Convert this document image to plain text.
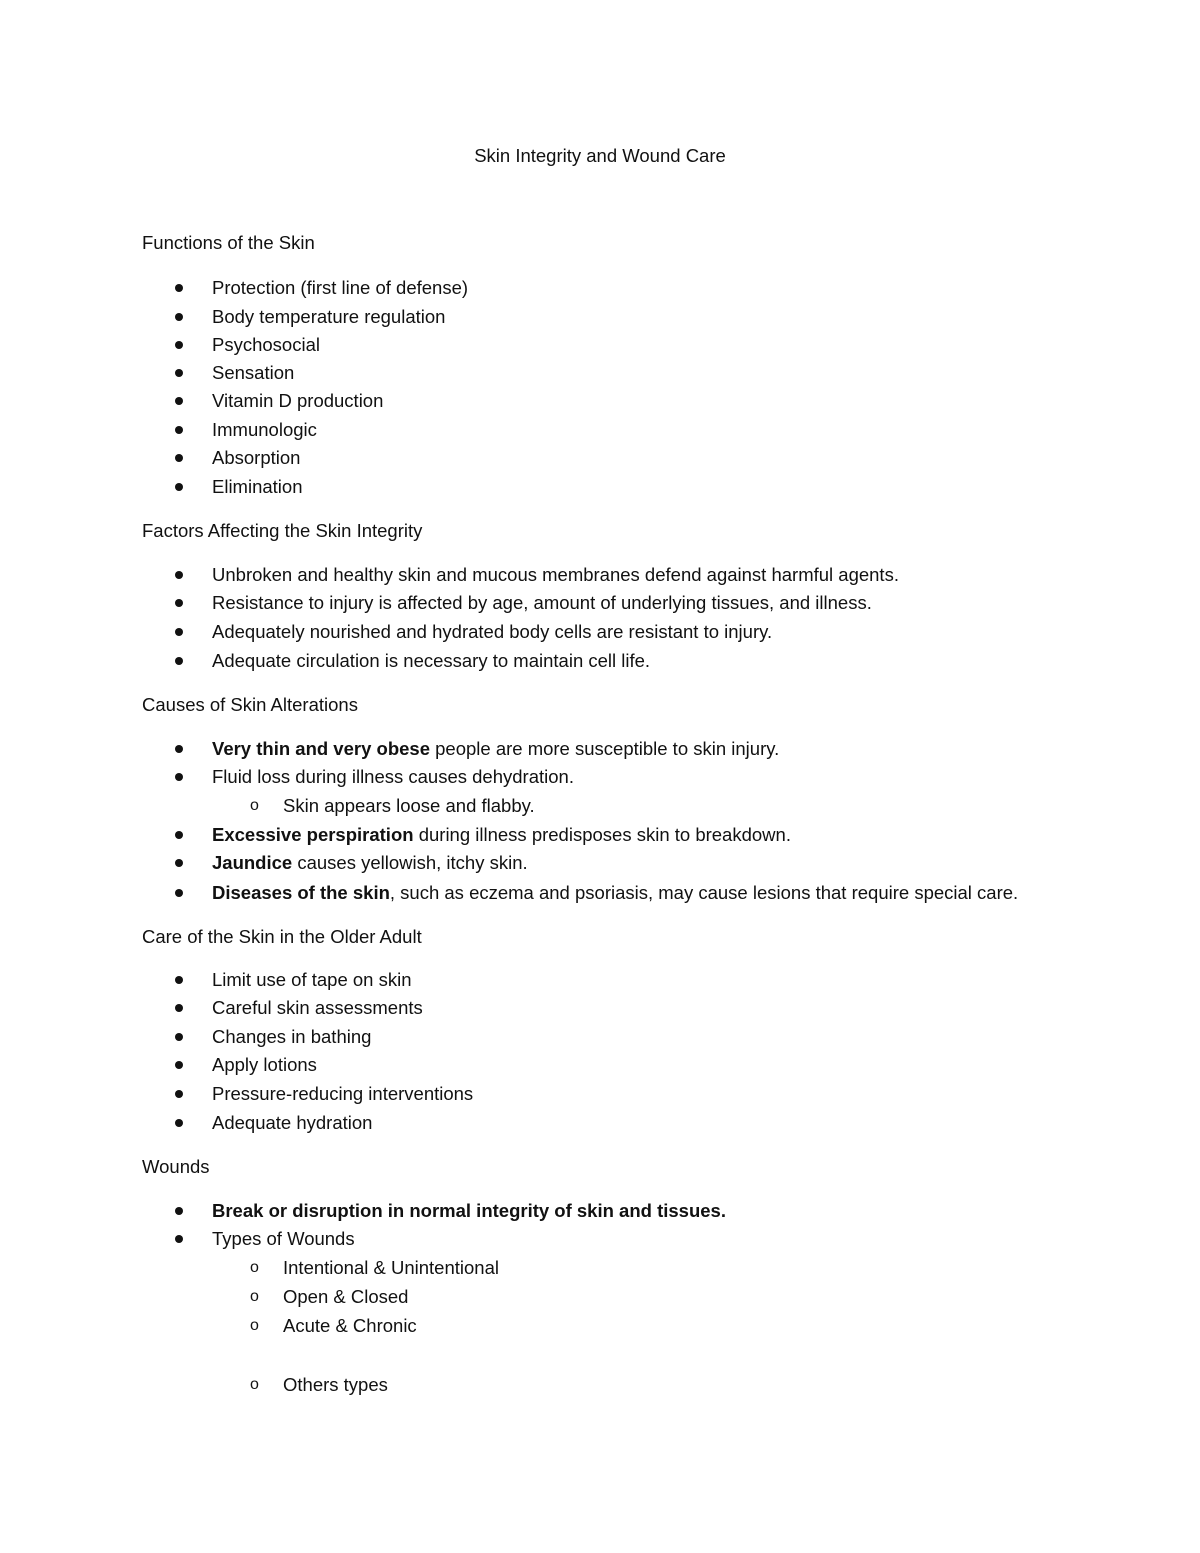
Skin Integrity and Wound Care
Functions of the Skin
Protection (first line of defense)
Body temperature regulation
Psychosocial
Sensation
Vitamin D production
Immunologic
Absorption
Elimination
Factors Affecting the Skin Integrity
Unbroken and healthy skin and mucous membranes defend against harmful agents.
Resistance to injury is affected by age, amount of underlying tissues, and illness.
Adequately nourished and hydrated body cells are resistant to injury.
Adequate circulation is necessary to maintain cell life.
Causes of Skin Alterations
Very thin and very obese people are more susceptible to skin injury.
Fluid loss during illness causes dehydration.
o Skin appears loose and flabby.
Excessive perspiration during illness predisposes skin to breakdown.
Jaundice causes yellowish, itchy skin.
Diseases of the skin, such as eczema and psoriasis, may cause lesions that require special care.
Care of the Skin in the Older Adult
Limit use of tape on skin
Careful skin assessments
Changes in bathing
Apply lotions
Pressure-reducing interventions
Adequate hydration
Wounds
Break or disruption in normal integrity of skin and tissues.
Types of Wounds
o Intentional & Unintentional
o Open & Closed
o Acute & Chronic
o Others types
